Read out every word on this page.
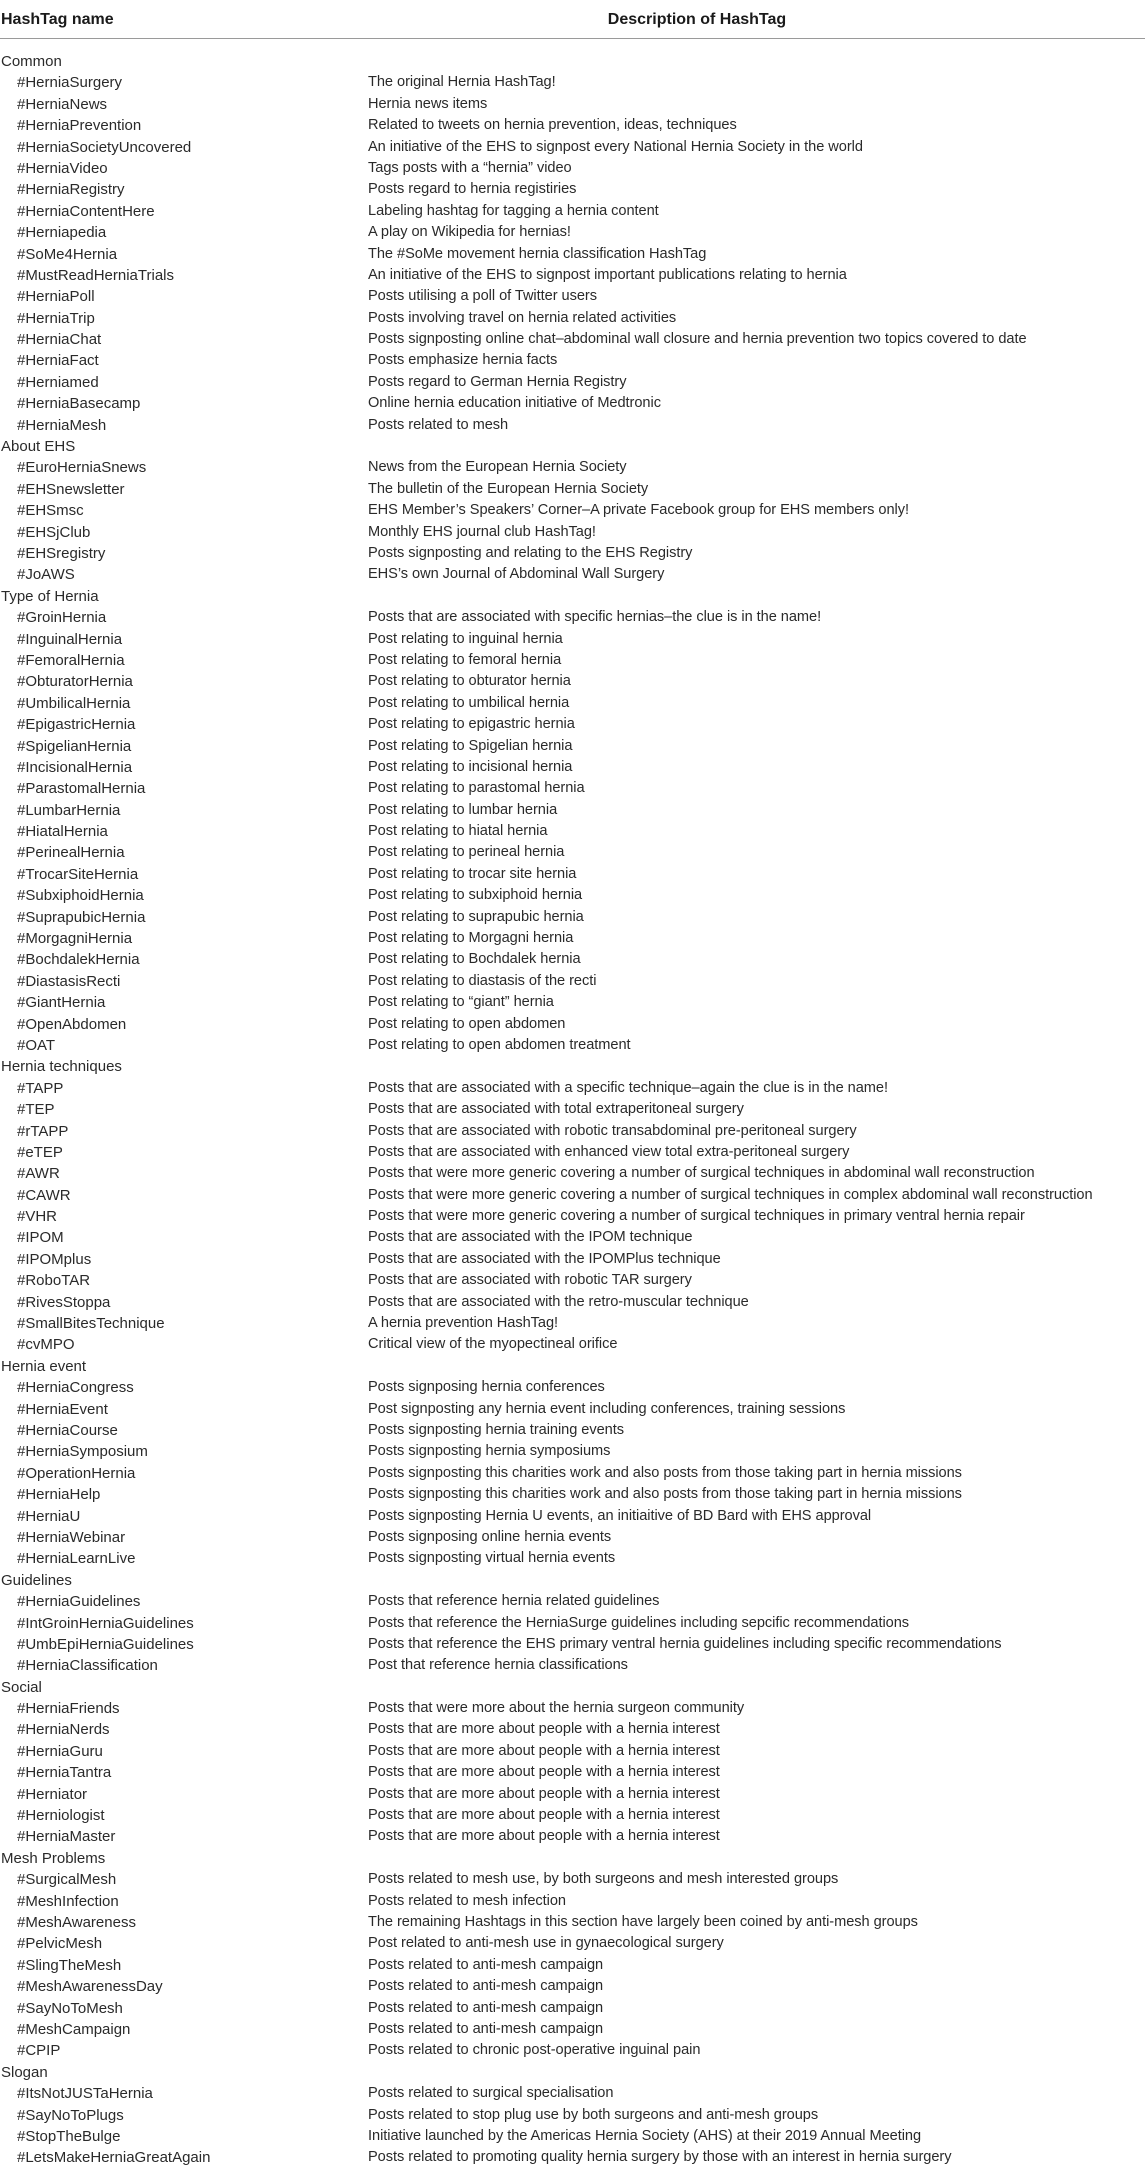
HashTag name	Description of HashTag
Common
#HerniaSurgery	The original Hernia HashTag!
#HerniaNews	Hernia news items
#HerniaPrevention	Related to tweets on hernia prevention, ideas, techniques
#HerniaSocietyUncovered	An initiative of the EHS to signpost every National Hernia Society in the world
#HerniaVideo	Tags posts with a “hernia” video
#HerniaRegistry	Posts regard to hernia registiries
#HerniaContentHere	Labeling hashtag for tagging a hernia content
#Herniapedia	A play on Wikipedia for hernias!
#SoMe4Hernia	The #SoMe movement hernia classification HashTag
#MustReadHerniaTrials	An initiative of the EHS to signpost important publications relating to hernia
#HerniaPoll	Posts utilising a poll of Twitter users
#HerniaTrip	Posts involving travel on hernia related activities
#HerniaChat	Posts signposting online chat–abdominal wall closure and hernia prevention two topics covered to date
#HerniaFact	Posts emphasize hernia facts
#Herniamed	Posts regard to German Hernia Registry
#HerniaBasecamp	Online hernia education initiative of Medtronic
#HerniaMesh	Posts related to mesh
About EHS
#EuroHerniaSnews	News from the European Hernia Society
#EHSnewsletter	The bulletin of the European Hernia Society
#EHSmsc	EHS Member’s Speakers’ Corner–A private Facebook group for EHS members only!
#EHSjClub	Monthly EHS journal club HashTag!
#EHSregistry	Posts signposting and relating to the EHS Registry
#JoAWS	EHS’s own Journal of Abdominal Wall Surgery
Type of Hernia
#GroinHernia	Posts that are associated with specific hernias–the clue is in the name!
#InguinalHernia	Post relating to inguinal hernia
#FemoralHernia	Post relating to femoral hernia
#ObturatorHernia	Post relating to obturator hernia
#UmbilicalHernia	Post relating to umbilical hernia
#EpigastricHernia	Post relating to epigastric hernia
#SpigelianHernia	Post relating to Spigelian hernia
#IncisionalHernia	Post relating to incisional hernia
#ParastomalHernia	Post relating to parastomal hernia
#LumbarHernia	Post relating to lumbar hernia
#HiatalHernia	Post relating to hiatal hernia
#PerinealHernia	Post relating to perineal hernia
#TrocarSiteHernia	Post relating to trocar site hernia
#SubxiphoidHernia	Post relating to subxiphoid hernia
#SuprapubicHernia	Post relating to suprapubic hernia
#MorgagniHernia	Post relating to Morgagni hernia
#BochdalekHernia	Post relating to Bochdalek hernia
#DiastasisRecti	Post relating to diastasis of the recti
#GiantHernia	Post relating to “giant” hernia
#OpenAbdomen	Post relating to open abdomen
#OAT	Post relating to open abdomen treatment
Hernia techniques
#TAPP	Posts that are associated with a specific technique–again the clue is in the name!
#TEP	Posts that are associated with total extraperitoneal surgery
#rTAPP	Posts that are associated with robotic transabdominal pre-peritoneal surgery
#eTEP	Posts that are associated with enhanced view total extra-peritoneal surgery
#AWR	Posts that were more generic covering a number of surgical techniques in abdominal wall reconstruction
#CAWR	Posts that were more generic covering a number of surgical techniques in complex abdominal wall reconstruction
#VHR	Posts that were more generic covering a number of surgical techniques in primary ventral hernia repair
#IPOM	Posts that are associated with the IPOM technique
#IPOMplus	Posts that are associated with the IPOMPlus technique
#RoboTAR	Posts that are associated with robotic TAR surgery
#RivesStoppa	Posts that are associated with the retro-muscular technique
#SmallBitesTechnique	A hernia prevention HashTag!
#cvMPO	Critical view of the myopectineal orifice
Hernia event
#HerniaCongress	Posts signposing hernia conferences
#HerniaEvent	Post signposting any hernia event including conferences, training sessions
#HerniaCourse	Posts signposting hernia training events
#HerniaSymposium	Posts signposting hernia symposiums
#OperationHernia	Posts signposting this charities work and also posts from those taking part in hernia missions
#HerniaHelp	Posts signposting this charities work and also posts from those taking part in hernia missions
#HerniaU	Posts signposting Hernia U events, an initiaitive of BD Bard with EHS approval
#HerniaWebinar	Posts signposing online hernia events
#HerniaLearnLive	Posts signposting virtual hernia events
Guidelines
#HerniaGuidelines	Posts that reference hernia related guidelines
#IntGroinHerniaGuidelines	Posts that reference the HerniaSurge guidelines including sepcific recommendations
#UmbEpiHerniaGuidelines	Posts that reference the EHS primary ventral hernia guidelines including specific recommendations
#HerniaClassification	Post that reference hernia classifications
Social
#HerniaFriends	Posts that were more about the hernia surgeon community
#HerniaNerds	Posts that are more about people with a hernia interest
#HerniaGuru	Posts that are more about people with a hernia interest
#HerniaTantra	Posts that are more about people with a hernia interest
#Herniator	Posts that are more about people with a hernia interest
#Herniologist	Posts that are more about people with a hernia interest
#HerniaMaster	Posts that are more about people with a hernia interest
Mesh Problems
#SurgicalMesh	Posts related to mesh use, by both surgeons and mesh interested groups
#MeshInfection	Posts related to mesh infection
#MeshAwareness	The remaining Hashtags in this section have largely been coined by anti-mesh groups
#PelvicMesh	Post related to anti-mesh use in gynaecological surgery
#SlingTheMesh	Posts related to anti-mesh campaign
#MeshAwarenessDay	Posts related to anti-mesh campaign
#SayNoToMesh	Posts related to anti-mesh campaign
#MeshCampaign	Posts related to anti-mesh campaign
#CPIP	Posts related to chronic post-operative inguinal pain
Slogan
#ItsNotJUSTaHernia	Posts related to surgical specialisation
#SayNoToPlugs	Posts related to stop plug use by both surgeons and anti-mesh groups
#StopTheBulge	Initiative launched by the Americas Hernia Society (AHS) at their 2019 Annual Meeting
#LetsMakeHerniaGreatAgain	Posts related to promoting quality hernia surgery by those with an interest in hernia surgery
